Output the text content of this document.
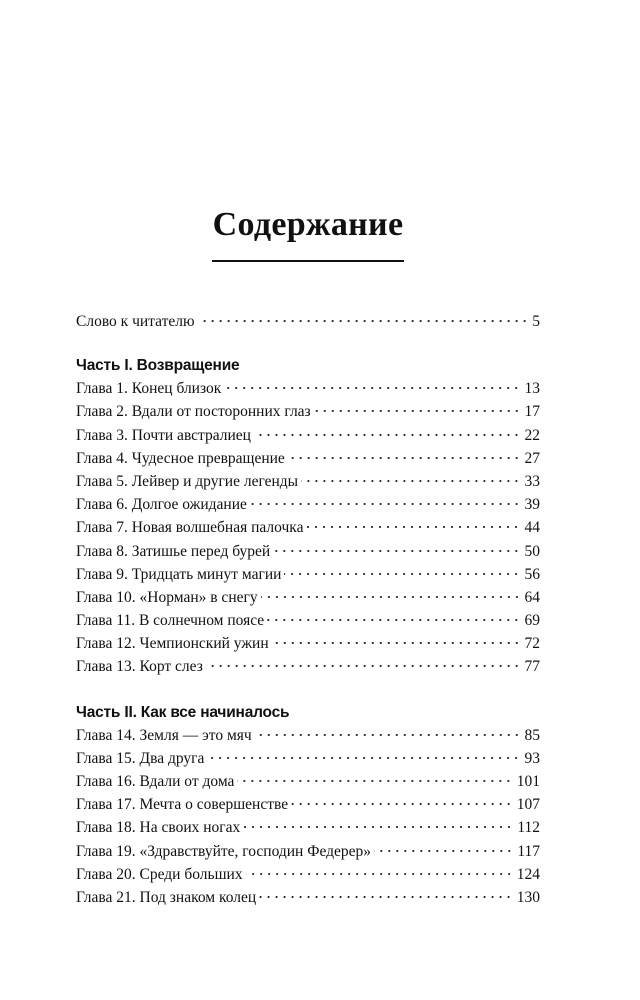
Содержание
Слово к читателю	5
Часть I. Возвращение
Глава 1. Конец близок	13
Глава 2. Вдали от посторонних глаз	17
Глава 3. Почти австралиец	22
Глава 4. Чудесное превращение	27
Глава 5. Лейвер и другие легенды	33
Глава 6. Долгое ожидание	39
Глава 7. Новая волшебная палочка	44
Глава 8. Затишье перед бурей	50
Глава 9. Тридцать минут магии	56
Глава 10. «Норман» в снегу	64
Глава 11. В солнечном поясе	69
Глава 12. Чемпионский ужин	72
Глава 13. Корт слез	77
Часть II. Как все начиналось
Глава 14. Земля — это мяч	85
Глава 15. Два друга	93
Глава 16. Вдали от дома	101
Глава 17. Мечта о совершенстве	107
Глава 18. На своих ногах	112
Глава 19. «Здравствуйте, господин Федерер»	117
Глава 20. Среди больших	124
Глава 21. Под знаком колец	130
